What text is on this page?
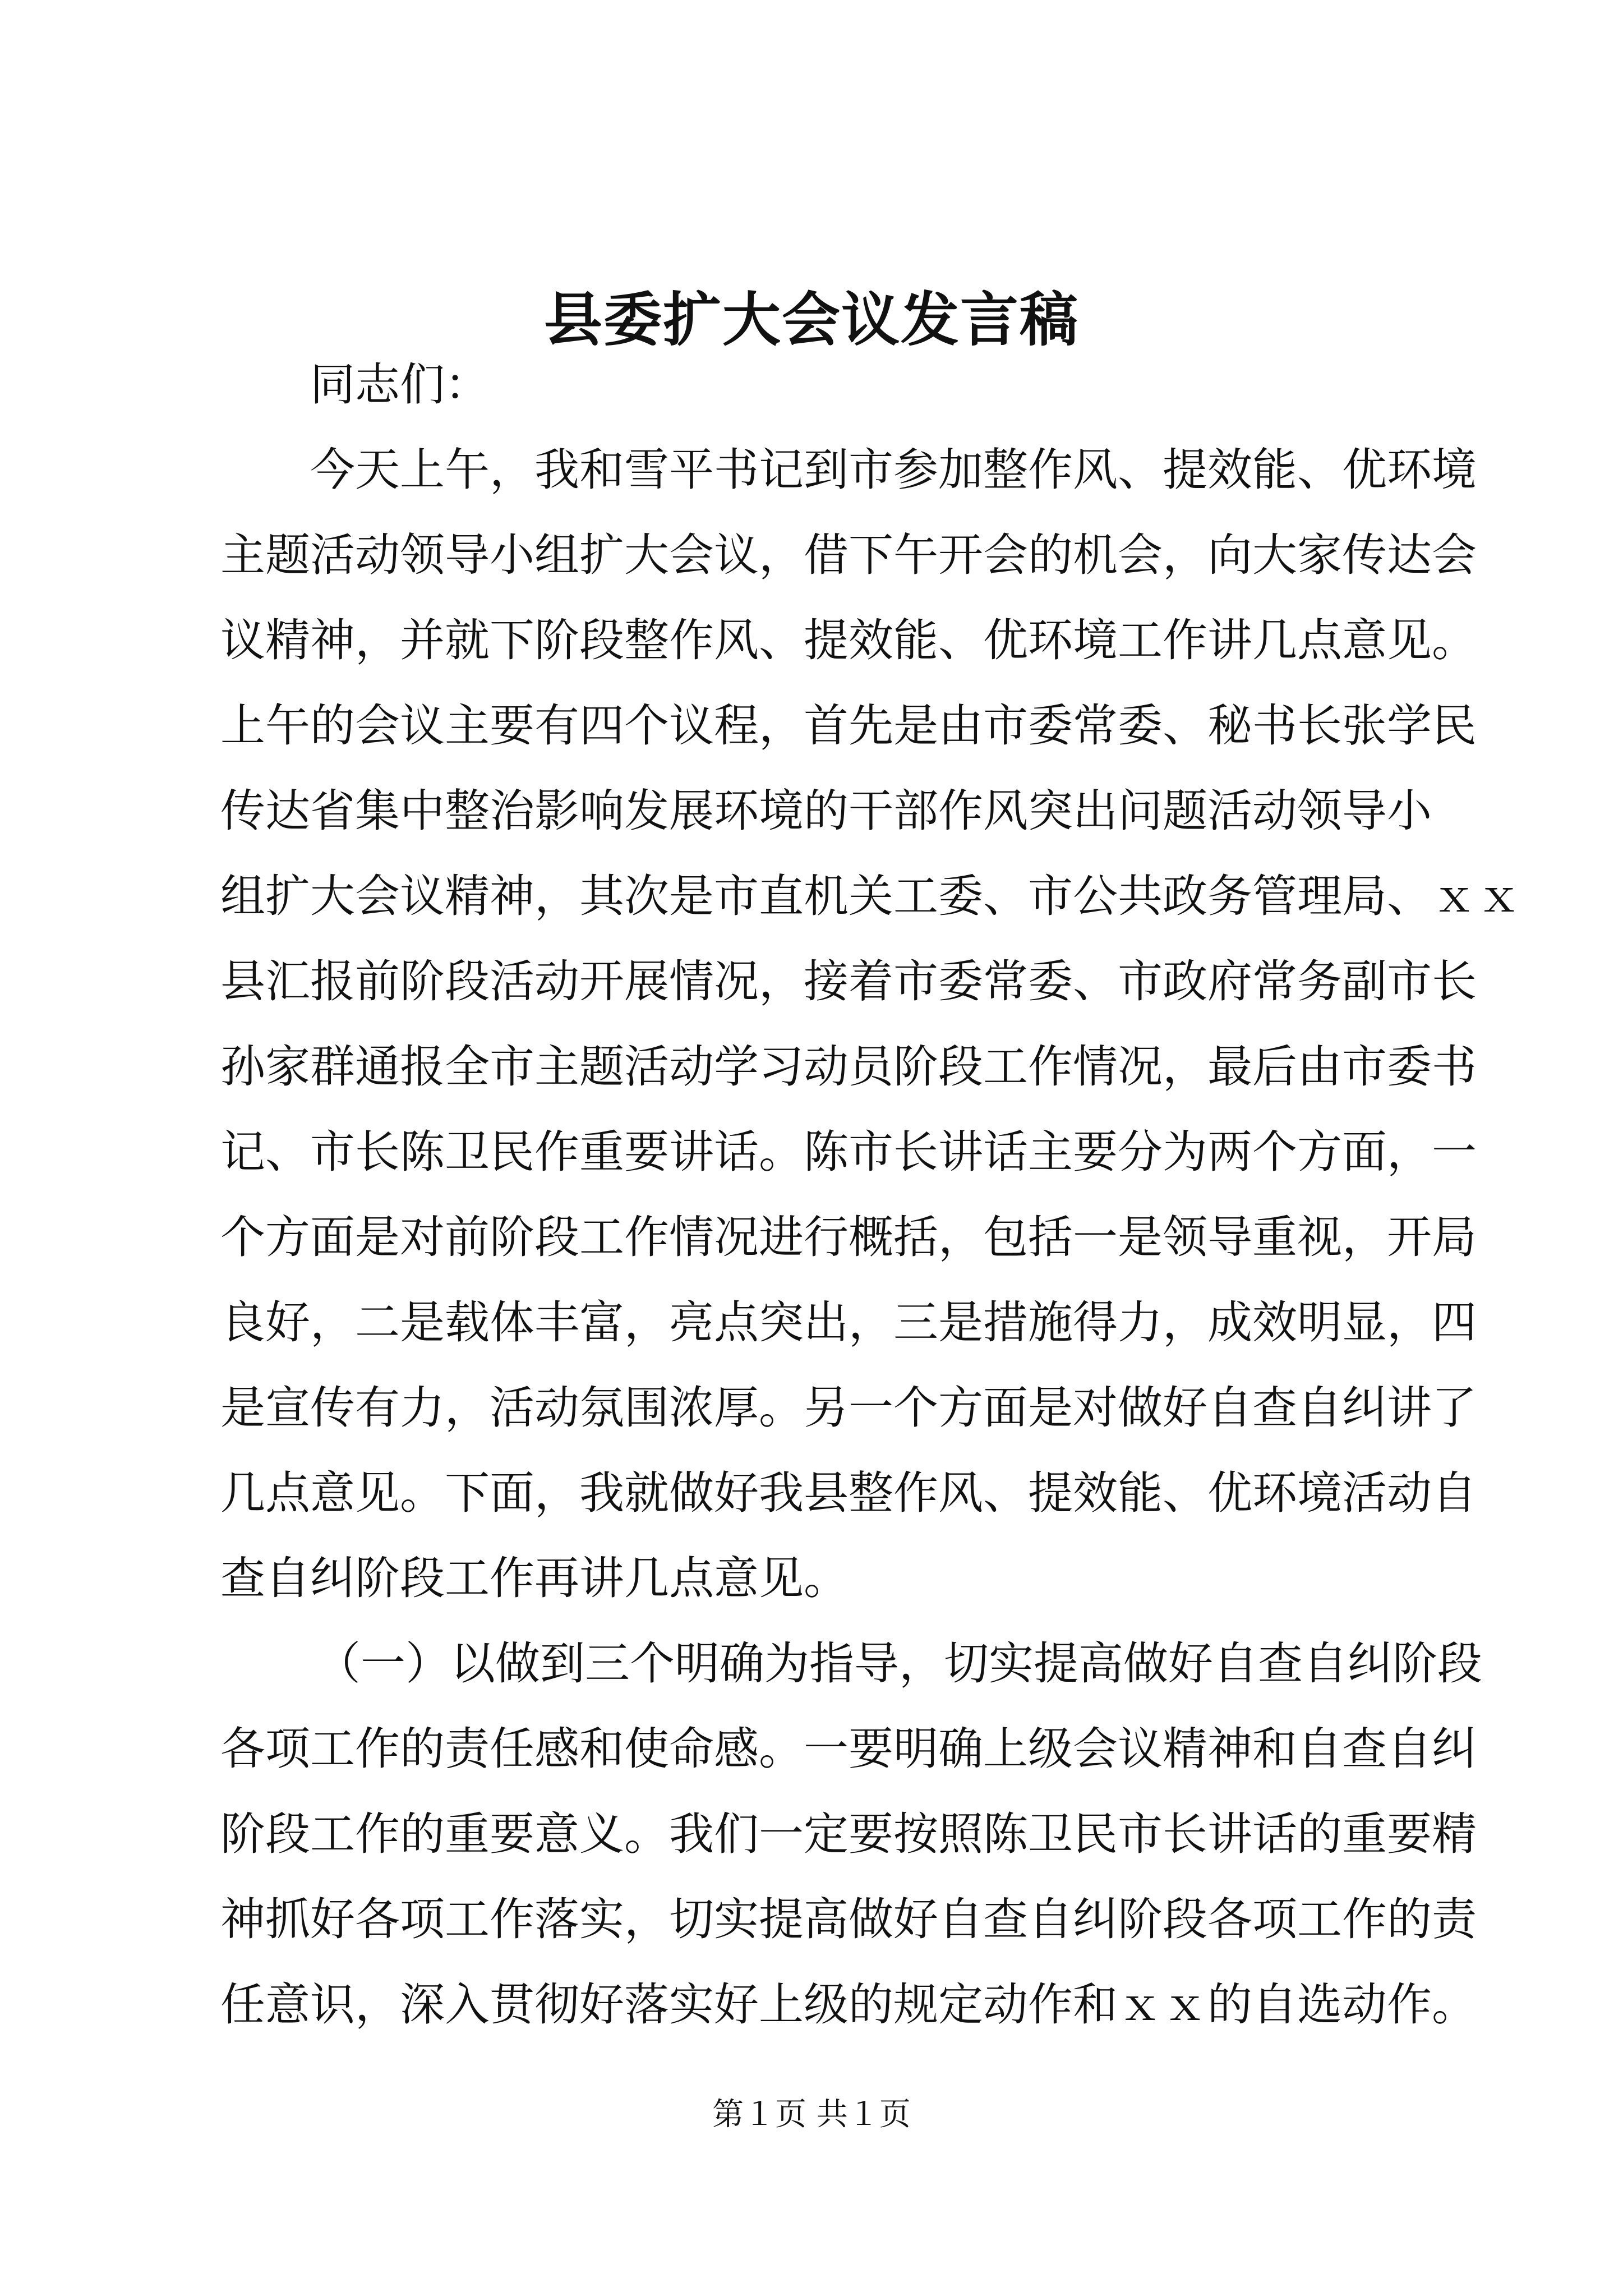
县委扩大会议发言稿
同志们：
今天上午，我和雪平书记到市参加整作风、提效能、优环境
主题活动领导小组扩大会议，借下午开会的机会，向大家传达会
议精神，并就下阶段整作风、提效能、优环境工作讲几点意见。
上午的会议主要有四个议程，首先是由市委常委、秘书长张学民
传达省集中整治影响发展环境的干部作风突出问题活动领导小
组扩大会议精神，其次是市直机关工委、市公共政务管理局、ｘｘ
县汇报前阶段活动开展情况，接着市委常委、市政府常务副市长
孙家群通报全市主题活动学习动员阶段工作情况，最后由市委书
记、市长陈卫民作重要讲话。陈市长讲话主要分为两个方面，一
个方面是对前阶段工作情况进行概括，包括一是领导重视，开局
良好，二是载体丰富，亮点突出，三是措施得力，成效明显，四
是宣传有力，活动氛围浓厚。另一个方面是对做好自查自纠讲了
几点意见。下面，我就做好我县整作风、提效能、优环境活动自
查自纠阶段工作再讲几点意见。
（一）以做到三个明确为指导，切实提高做好自查自纠阶段
各项工作的责任感和使命感。一要明确上级会议精神和自查自纠
阶段工作的重要意义。我们一定要按照陈卫民市长讲话的重要精
神抓好各项工作落实，切实提高做好自查自纠阶段各项工作的责
任意识，深入贯彻好落实好上级的规定动作和ｘｘ的自选动作。
第１页 共１页
